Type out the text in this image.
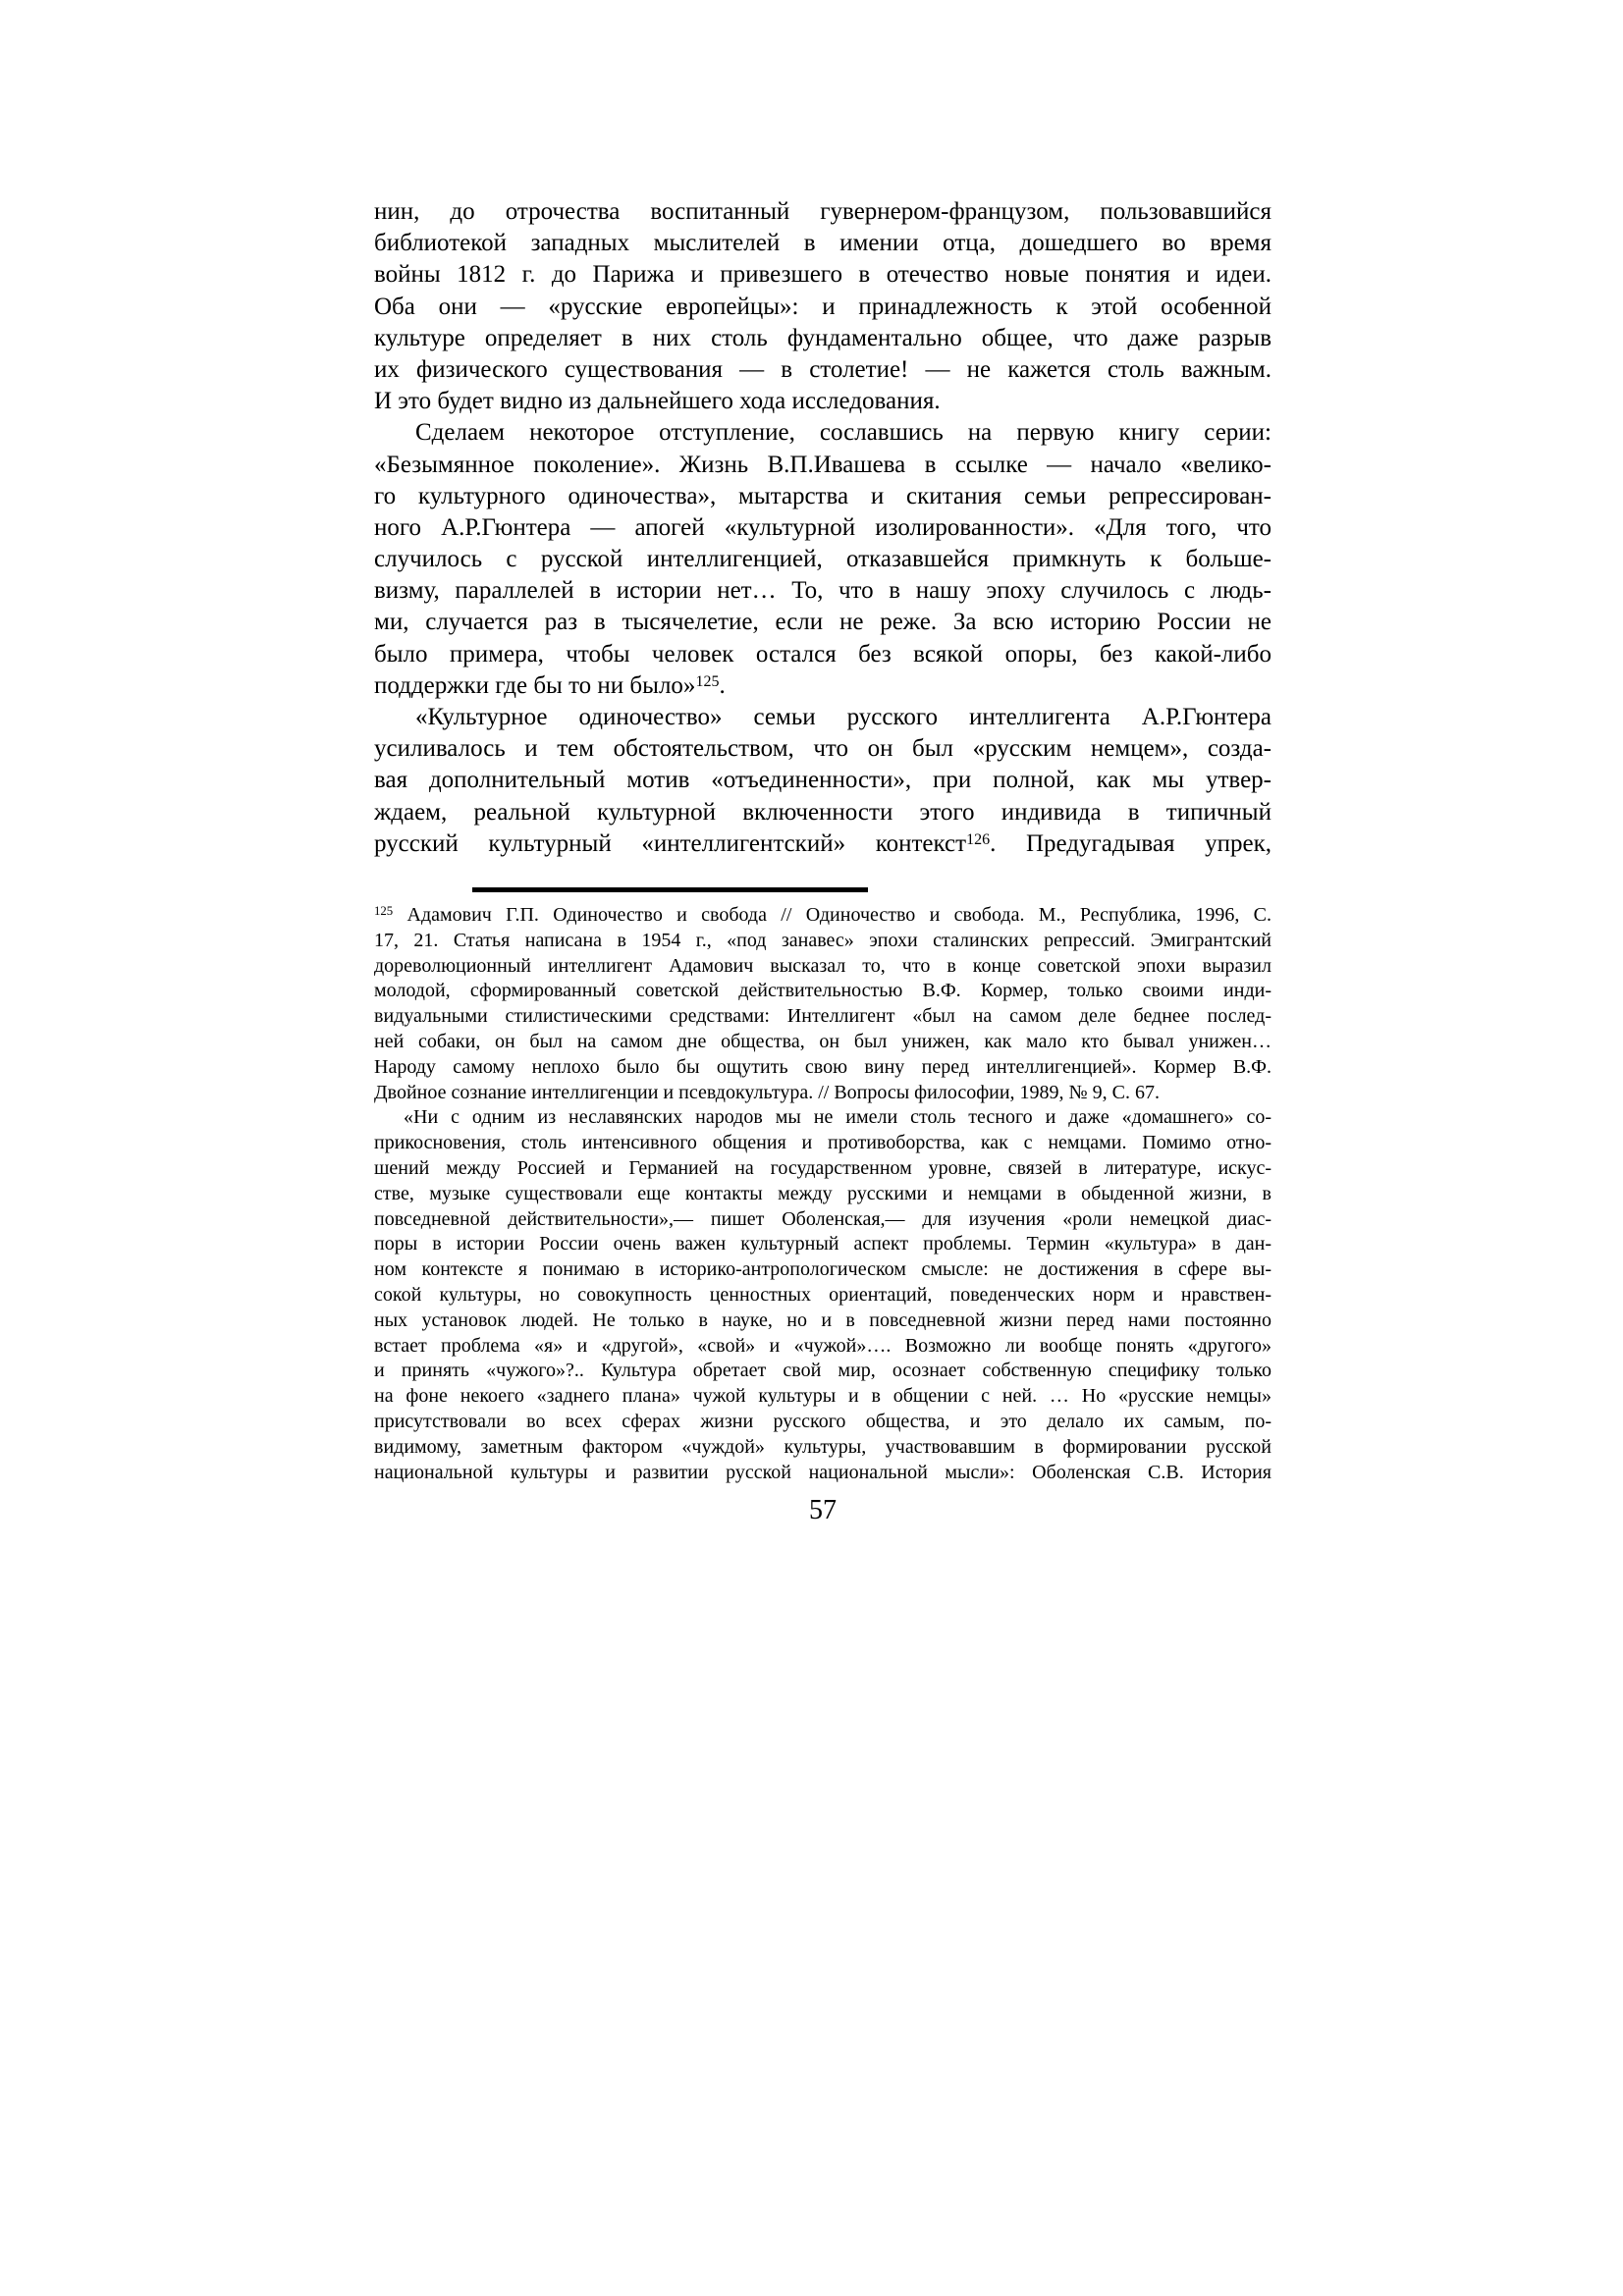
нин, до отрочества воспитанный гувернером-французом, пользовавшийся
библиотекой западных мыслителей в имении отца, дошедшего во время
войны 1812 г. до Парижа и привезшего в отечество новые понятия и идеи.
Оба они — «русские европейцы»: и принадлежность к этой особенной
культуре определяет в них столь фундаментально общее, что даже разрыв
их физического существования — в столетие! — не кажется столь важным.
И это будет видно из дальнейшего хода исследования.
Сделаем некоторое отступление, сославшись на первую книгу серии:
«Безымянное поколение». Жизнь В.П.Ивашева в ссылке — начало «велико-
го культурного одиночества», мытарства и скитания семьи репрессирован-
ного А.Р.Гюнтера — апогей «культурной изолированности». «Для того, что
случилось с русской интеллигенцией, отказавшейся примкнуть к больше-
визму, параллелей в истории нет… То, что в нашу эпоху случилось с людь-
ми, случается раз в тысячелетие, если не реже. За всю историю России не
было примера, чтобы человек остался без всякой опоры, без какой-либо
поддержки где бы то ни было»$^{125}$.
«Культурное одиночество» семьи русского интеллигента А.Р.Гюнтера
усиливалось и тем обстоятельством, что он был «русским немцем», созда-
вая дополнительный мотив «отъединенности», при полной, как мы утвер-
ждаем, реальной культурной включенности этого индивида в типичный
русский культурный «интеллигентский» контекст$^{126}$. Предугадывая упрек,
$^{125}$ Адамович Г.П. Одиночество и свобода // Одиночество и свобода. М., Республика, 1996, С.
17, 21. Статья написана в 1954 г., «под занавес» эпохи сталинских репрессий. Эмигрантский
дореволюционный интеллигент Адамович высказал то, что в конце советской эпохи выразил
молодой, сформированный советской действительностью В.Ф. Кормер, только своими инди-
видуальными стилистическими средствами: Интеллигент «был на самом деле беднее послед-
ней собаки, он был на самом дне общества, он был унижен, как мало кто бывал унижен…
Народу самому неплохо было бы ощутить свою вину перед интеллигенцией». Кормер В.Ф.
Двойное сознание интеллигенции и псевдокультура. // Вопросы философии, 1989, № 9, С. 67.
«Ни с одним из неславянских народов мы не имели столь тесного и даже «домашнего» со-
прикосновения, столь интенсивного общения и противоборства, как с немцами. Помимо отно-
шений между Россией и Германией на государственном уровне, связей в литературе, искус-
стве, музыке существовали еще контакты между русскими и немцами в обыденной жизни, в
повседневной действительности»,— пишет Оболенская,— для изучения «роли немецкой диас-
поры в истории России очень важен культурный аспект проблемы. Термин «культура» в дан-
ном контексте я понимаю в историко-антропологическом смысле: не достижения в сфере вы-
сокой культуры, но совокупность ценностных ориентаций, поведенческих норм и нравствен-
ных установок людей. Не только в науке, но и в повседневной жизни перед нами постоянно
встает проблема «я» и «другой», «свой» и «чужой»…. Возможно ли вообще понять «другого»
и принять «чужого»?.. Культура обретает свой мир, осознает собственную специфику только
на фоне некоего «заднего плана» чужой культуры и в общении с ней. … Но «русские немцы»
присутствовали во всех сферах жизни русского общества, и это делало их самым, по-
видимому, заметным фактором «чуждой» культуры, участвовавшим в формировании русской
национальной культуры и развитии русской национальной мысли»: Оболенская С.В. История
57
